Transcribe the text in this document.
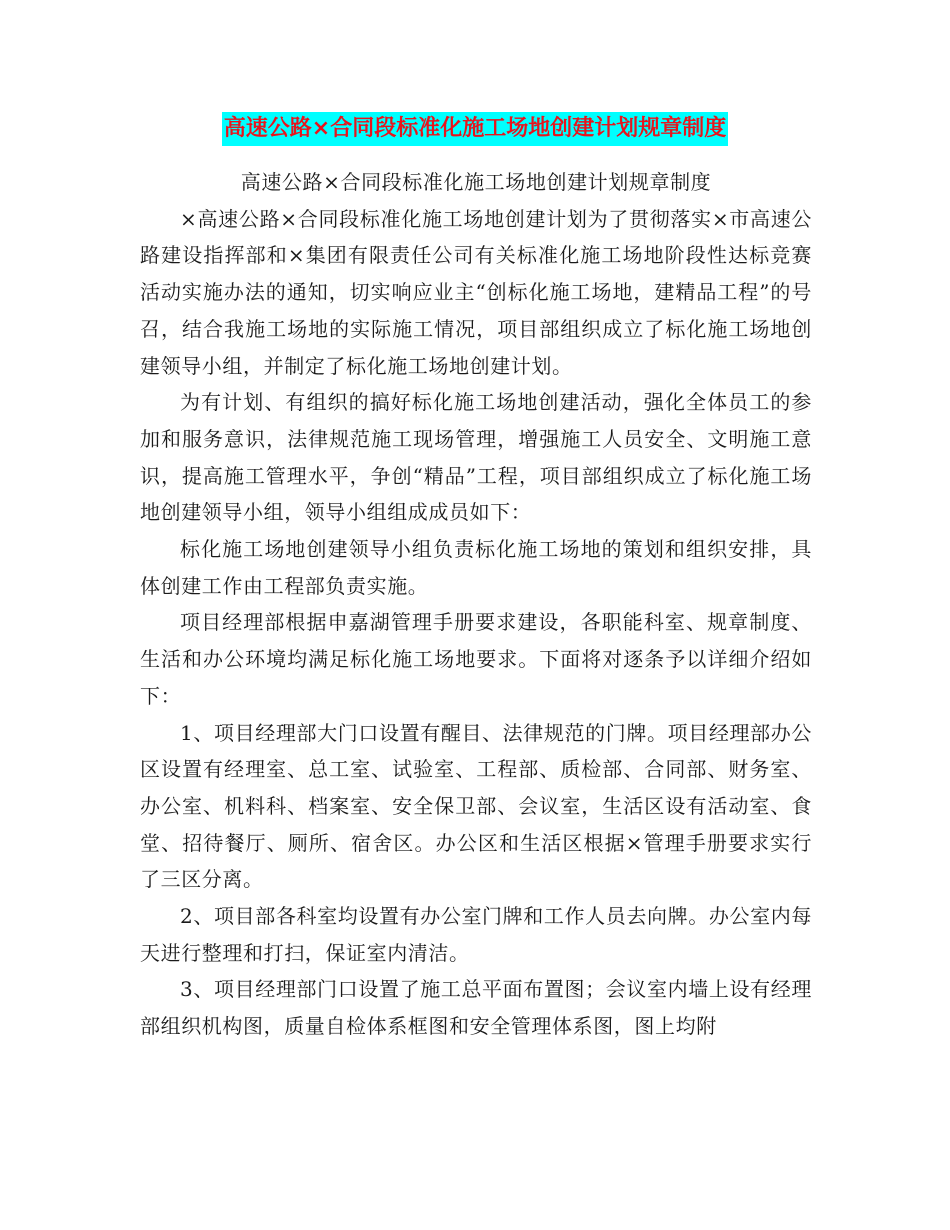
高速公路×合同段标准化施工场地创建计划规章制度

高速公路×合同段标准化施工场地创建计划规章制度

×高速公路×合同段标准化施工场地创建计划为了贯彻落实×市高速公路建设指挥部和×集团有限责任公司有关标准化施工场地阶段性达标竞赛活动实施办法的通知，切实响应业主“创标化施工场地，建精品工程”的号召，结合我施工场地的实际施工情况，项目部组织成立了标化施工场地创建领导小组，并制定了标化施工场地创建计划。

为有计划、有组织的搞好标化施工场地创建活动，强化全体员工的参加和服务意识，法律规范施工现场管理，增强施工人员安全、文明施工意识，提高施工管理水平，争创“精品”工程，项目部组织成立了标化施工场地创建领导小组，领导小组组成成员如下：

标化施工场地创建领导小组负责标化施工场地的策划和组织安排，具体创建工作由工程部负责实施。

项目经理部根据申嘉湖管理手册要求建设，各职能科室、规章制度、生活和办公环境均满足标化施工场地要求。下面将对逐条予以详细介绍如下：

1、项目经理部大门口设置有醒目、法律规范的门牌。项目经理部办公区设置有经理室、总工室、试验室、工程部、质检部、合同部、财务室、办公室、机料科、档案室、安全保卫部、会议室，生活区设有活动室、食堂、招待餐厅、厕所、宿舍区。办公区和生活区根据×管理手册要求实行了三区分离。

2、项目部各科室均设置有办公室门牌和工作人员去向牌。办公室内每天进行整理和打扫，保证室内清洁。

3、项目经理部门口设置了施工总平面布置图；会议室内墙上设有经理部组织机构图，质量自检体系框图和安全管理体系图，图上均附
